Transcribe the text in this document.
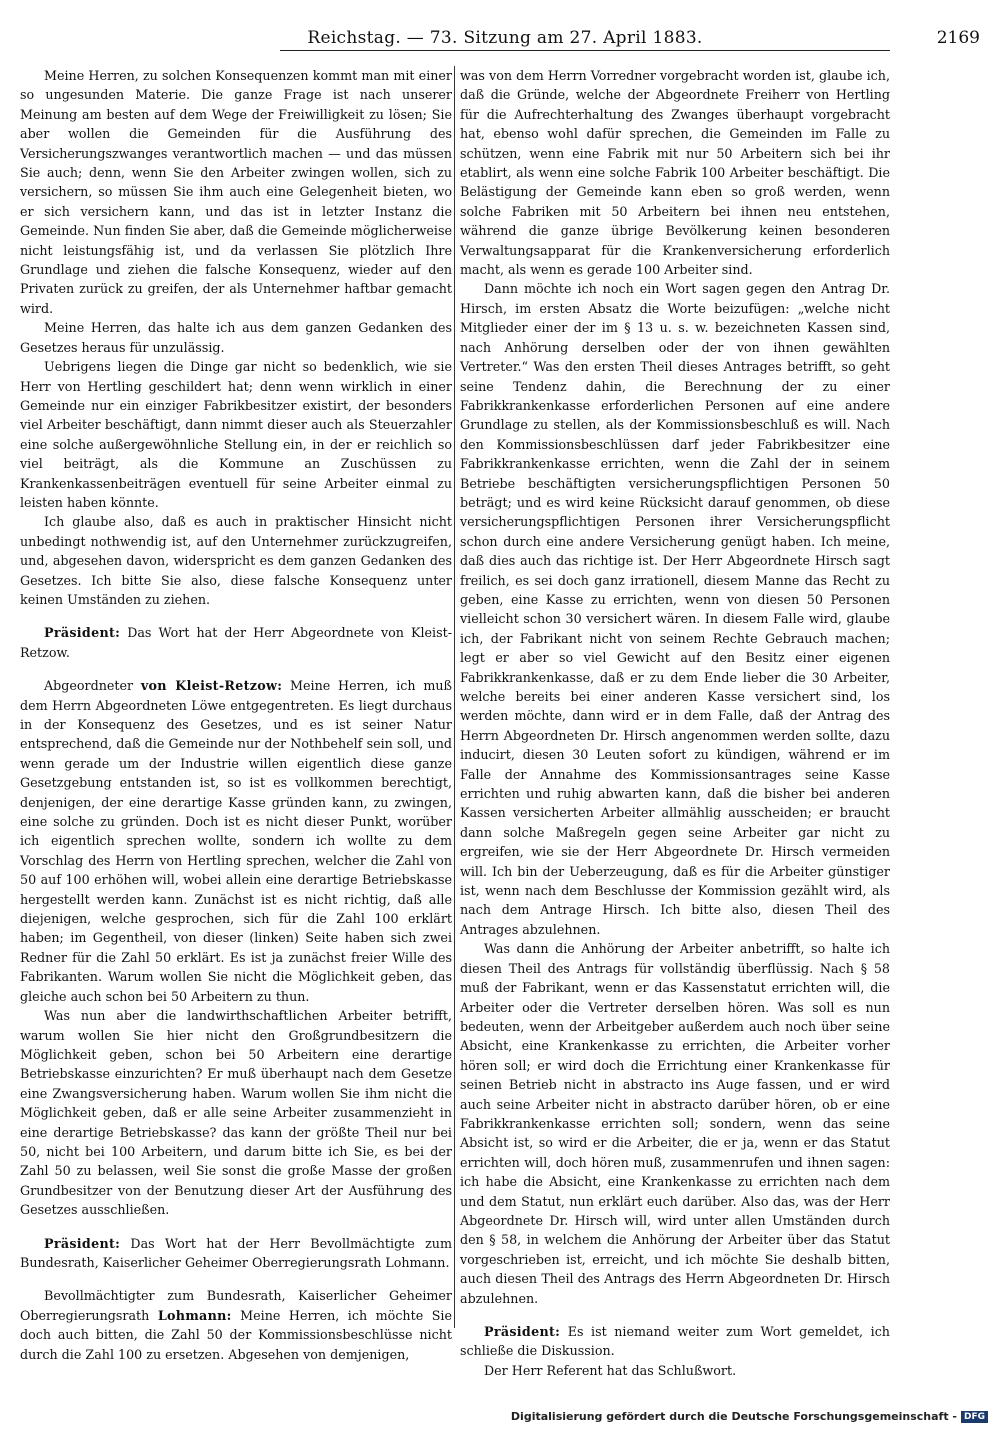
Reichstag. — 73. Sitzung am 27. April 1883.	2169

Meine Herren, zu solchen Konsequenzen kommt man mit einer so ungesunden Materie. Die ganze Frage ist nach unserer Meinung am besten auf dem Wege der Freiwilligkeit zu lösen; Sie aber wollen die Gemeinden für die Ausführung des Versicherungszwanges verantwortlich machen — und das müssen Sie auch; denn, wenn Sie den Arbeiter zwingen wollen, sich zu versichern, so müssen Sie ihm auch eine Gelegenheit bieten, wo er sich versichern kann, und das ist in letzter Instanz die Gemeinde. Nun finden Sie aber, daß die Gemeinde möglicherweise nicht leistungsfähig ist, und da verlassen Sie plötzlich Ihre Grundlage und ziehen die falsche Konsequenz, wieder auf den Privaten zurück zu greifen, der als Unternehmer haftbar gemacht wird.

Meine Herren, das halte ich aus dem ganzen Gedanken des Gesetzes heraus für unzulässig.

Uebrigens liegen die Dinge gar nicht so bedenklich, wie sie Herr von Hertling geschildert hat; denn wenn wirklich in einer Gemeinde nur ein einziger Fabrikbesitzer existirt, der besonders viel Arbeiter beschäftigt, dann nimmt dieser auch als Steuerzahler eine solche außergewöhnliche Stellung ein, in der er reichlich so viel beiträgt, als die Kommune an Zuschüssen zu Krankenkassenbeiträgen eventuell für seine Arbeiter einmal zu leisten haben könnte.

Ich glaube also, daß es auch in praktischer Hinsicht nicht unbedingt nothwendig ist, auf den Unternehmer zurückzugreifen, und, abgesehen davon, widerspricht es dem ganzen Gedanken des Gesetzes. Ich bitte Sie also, diese falsche Konsequenz unter keinen Umständen zu ziehen.

Präsident: Das Wort hat der Herr Abgeordnete von Kleist-Retzow.

Abgeordneter von Kleist-Retzow: Meine Herren, ich muß dem Herrn Abgeordneten Löwe entgegentreten. Es liegt durchaus in der Konsequenz des Gesetzes, und es ist seiner Natur entsprechend, daß die Gemeinde nur der Nothbehelf sein soll, und wenn gerade um der Industrie willen eigentlich diese ganze Gesetzgebung entstanden ist, so ist es vollkommen berechtigt, denjenigen, der eine derartige Kasse gründen kann, zu zwingen, eine solche zu gründen. Doch ist es nicht dieser Punkt, worüber ich eigentlich sprechen wollte, sondern ich wollte zu dem Vorschlag des Herrn von Hertling sprechen, welcher die Zahl von 50 auf 100 erhöhen will, wobei allein eine derartige Betriebskasse hergestellt werden kann. Zunächst ist es nicht richtig, daß alle diejenigen, welche gesprochen, sich für die Zahl 100 erklärt haben; im Gegentheil, von dieser (linken) Seite haben sich zwei Redner für die Zahl 50 erklärt. Es ist ja zunächst freier Wille des Fabrikanten. Warum wollen Sie nicht die Möglichkeit geben, das gleiche auch schon bei 50 Arbeitern zu thun.

Was nun aber die landwirthschaftlichen Arbeiter betrifft, warum wollen Sie hier nicht den Großgrundbesitzern die Möglichkeit geben, schon bei 50 Arbeitern eine derartige Betriebskasse einzurichten? Er muß überhaupt nach dem Gesetze eine Zwangsversicherung haben. Warum wollen Sie ihm nicht die Möglichkeit geben, daß er alle seine Arbeiter zusammenzieht in eine derartige Betriebskasse? das kann der größte Theil nur bei 50, nicht bei 100 Arbeitern, und darum bitte ich Sie, es bei der Zahl 50 zu belassen, weil Sie sonst die große Masse der großen Grundbesitzer von der Benutzung dieser Art der Ausführung des Gesetzes ausschließen.

Präsident: Das Wort hat der Herr Bevollmächtigte zum Bundesrath, Kaiserlicher Geheimer Oberregierungsrath Lohmann.

Bevollmächtigter zum Bundesrath, Kaiserlicher Geheimer Oberregierungsrath Lohmann: Meine Herren, ich möchte Sie doch auch bitten, die Zahl 50 der Kommissionsbeschlüsse nicht durch die Zahl 100 zu ersetzen. Abgesehen von demjenigen,

was von dem Herrn Vorredner vorgebracht worden ist, glaube ich, daß die Gründe, welche der Abgeordnete Freiherr von Hertling für die Aufrechterhaltung des Zwanges überhaupt vorgebracht hat, ebenso wohl dafür sprechen, die Gemeinden im Falle zu schützen, wenn eine Fabrik mit nur 50 Arbeitern sich bei ihr etablirt, als wenn eine solche Fabrik 100 Arbeiter beschäftigt. Die Belästigung der Gemeinde kann eben so groß werden, wenn solche Fabriken mit 50 Arbeitern bei ihnen neu entstehen, während die ganze übrige Bevölkerung keinen besonderen Verwaltungsapparat für die Krankenversicherung erforderlich macht, als wenn es gerade 100 Arbeiter sind.

Dann möchte ich noch ein Wort sagen gegen den Antrag Dr. Hirsch, im ersten Absatz die Worte beizufügen: „welche nicht Mitglieder einer der im § 13 u. s. w. bezeichneten Kassen sind, nach Anhörung derselben oder der von ihnen gewählten Vertreter.“ Was den ersten Theil dieses Antrages betrifft, so geht seine Tendenz dahin, die Berechnung der zu einer Fabrikkrankenkasse erforderlichen Personen auf eine andere Grundlage zu stellen, als der Kommissionsbeschluß es will. Nach den Kommissionsbeschlüssen darf jeder Fabrikbesitzer eine Fabrikkrankenkasse errichten, wenn die Zahl der in seinem Betriebe beschäftigten versicherungspflichtigen Personen 50 beträgt; und es wird keine Rücksicht darauf genommen, ob diese versicherungspflichtigen Personen ihrer Versicherungspflicht schon durch eine andere Versicherung genügt haben. Ich meine, daß dies auch das richtige ist. Der Herr Abgeordnete Hirsch sagt freilich, es sei doch ganz irrationell, diesem Manne das Recht zu geben, eine Kasse zu errichten, wenn von diesen 50 Personen vielleicht schon 30 versichert wären. In diesem Falle wird, glaube ich, der Fabrikant nicht von seinem Rechte Gebrauch machen; legt er aber so viel Gewicht auf den Besitz einer eigenen Fabrikkrankenkasse, daß er zu dem Ende lieber die 30 Arbeiter, welche bereits bei einer anderen Kasse versichert sind, los werden möchte, dann wird er in dem Falle, daß der Antrag des Herrn Abgeordneten Dr. Hirsch angenommen werden sollte, dazu inducirt, diesen 30 Leuten sofort zu kündigen, während er im Falle der Annahme des Kommissionsantrages seine Kasse errichten und ruhig abwarten kann, daß die bisher bei anderen Kassen versicherten Arbeiter allmählig ausscheiden; er braucht dann solche Maßregeln gegen seine Arbeiter gar nicht zu ergreifen, wie sie der Herr Abgeordnete Dr. Hirsch vermeiden will. Ich bin der Ueberzeugung, daß es für die Arbeiter günstiger ist, wenn nach dem Beschlusse der Kommission gezählt wird, als nach dem Antrage Hirsch. Ich bitte also, diesen Theil des Antrages abzulehnen.

Was dann die Anhörung der Arbeiter anbetrifft, so halte ich diesen Theil des Antrags für vollständig überflüssig. Nach § 58 muß der Fabrikant, wenn er das Kassenstatut errichten will, die Arbeiter oder die Vertreter derselben hören. Was soll es nun bedeuten, wenn der Arbeitgeber außerdem auch noch über seine Absicht, eine Krankenkasse zu errichten, die Arbeiter vorher hören soll; er wird doch die Errichtung einer Krankenkasse für seinen Betrieb nicht in abstracto ins Auge fassen, und er wird auch seine Arbeiter nicht in abstracto darüber hören, ob er eine Fabrikkrankenkasse errichten soll; sondern, wenn das seine Absicht ist, so wird er die Arbeiter, die er ja, wenn er das Statut errichten will, doch hören muß, zusammenrufen und ihnen sagen: ich habe die Absicht, eine Krankenkasse zu errichten nach dem und dem Statut, nun erklärt euch darüber. Also das, was der Herr Abgeordnete Dr. Hirsch will, wird unter allen Umständen durch den § 58, in welchem die Anhörung der Arbeiter über das Statut vorgeschrieben ist, erreicht, und ich möchte Sie deshalb bitten, auch diesen Theil des Antrags des Herrn Abgeordneten Dr. Hirsch abzulehnen.

Präsident: Es ist niemand weiter zum Wort gemeldet, ich schließe die Diskussion.

Der Herr Referent hat das Schlußwort.

Digitalisierung gefördert durch die Deutsche Forschungsgemeinschaft - DFG
